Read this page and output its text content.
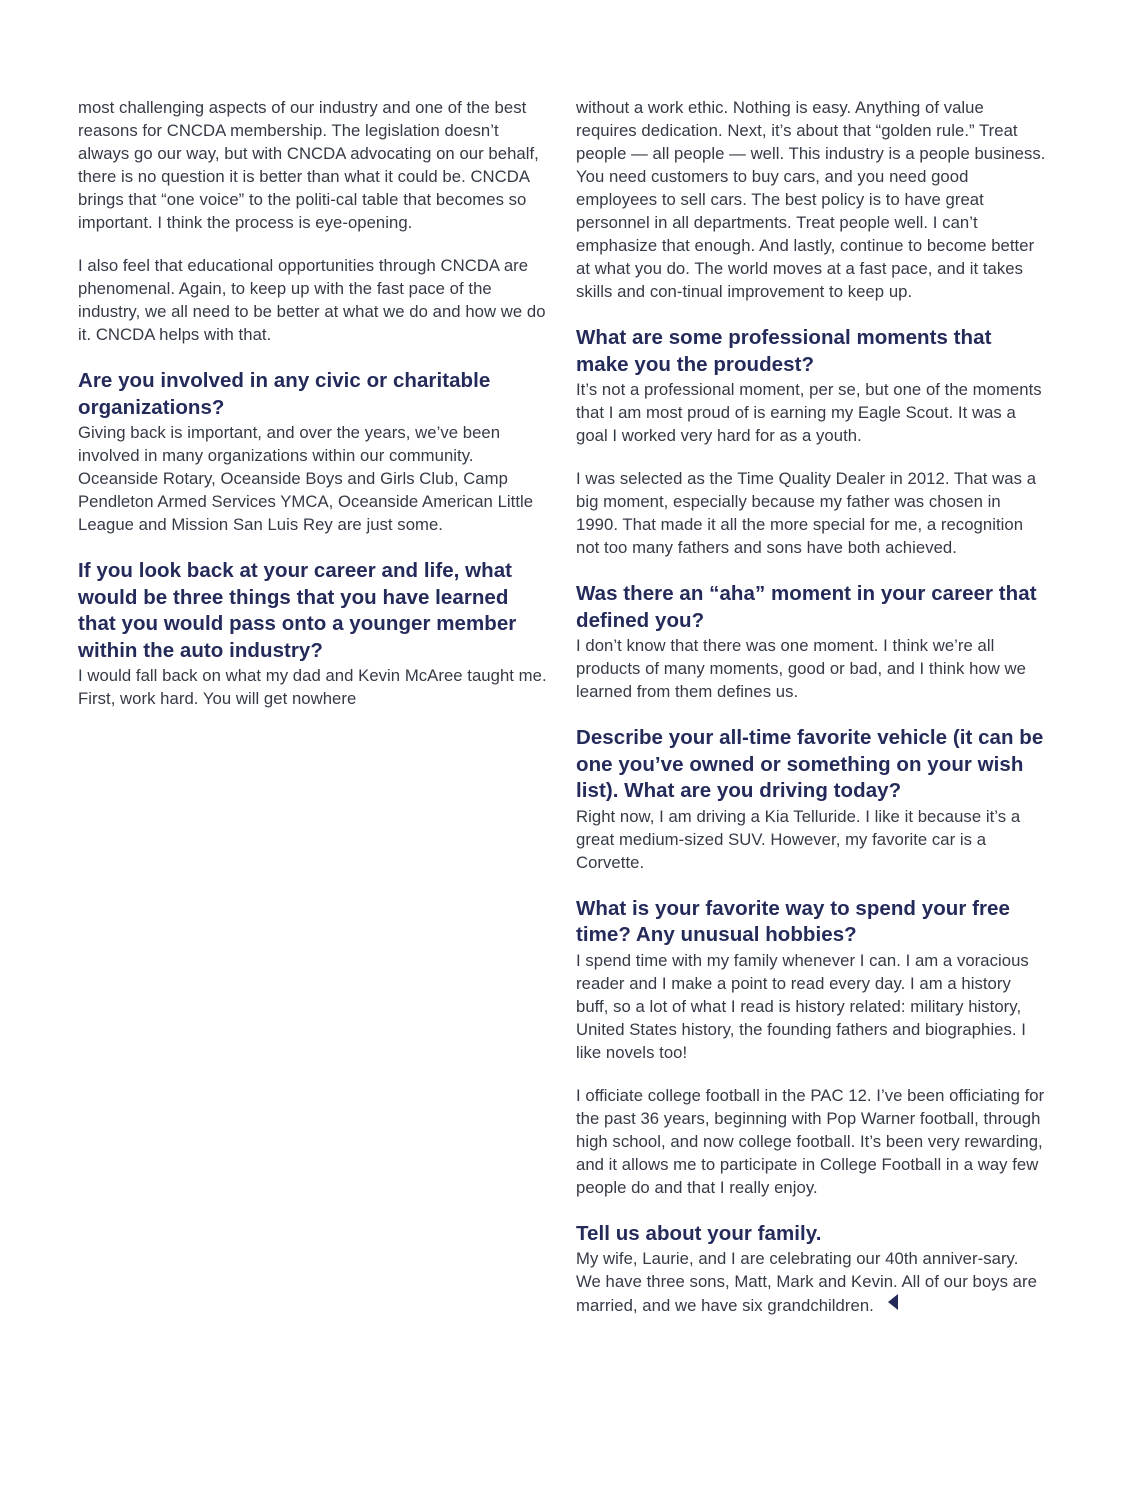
most challenging aspects of our industry and one of the best reasons for CNCDA membership. The legislation doesn’t always go our way, but with CNCDA advocating on our behalf, there is no question it is better than what it could be. CNCDA brings that “one voice” to the politi-cal table that becomes so important. I think the process is eye-opening.

I also feel that educational opportunities through CNCDA are phenomenal. Again, to keep up with the fast pace of the industry, we all need to be better at what we do and how we do it. CNCDA helps with that.

Are you involved in any civic or charitable organizations?

Giving back is important, and over the years, we’ve been involved in many organizations within our community. Oceanside Rotary, Oceanside Boys and Girls Club, Camp Pendleton Armed Services YMCA, Oceanside American Little League and Mission San Luis Rey are just some.

If you look back at your career and life, what would be three things that you have learned that you would pass onto a younger member within the auto industry?

I would fall back on what my dad and Kevin McAree taught me. First, work hard. You will get nowhere

without a work ethic. Nothing is easy. Anything of value requires dedication. Next, it’s about that “golden rule.” Treat people — all people — well. This industry is a people business. You need customers to buy cars, and you need good employees to sell cars. The best policy is to have great personnel in all departments. Treat people well. I can’t emphasize that enough. And lastly, continue to become better at what you do. The world moves at a fast pace, and it takes skills and con-tinual improvement to keep up.

What are some professional moments that make you the proudest?

It’s not a professional moment, per se, but one of the moments that I am most proud of is earning my Eagle Scout. It was a goal I worked very hard for as a youth.

I was selected as the Time Quality Dealer in 2012. That was a big moment, especially because my father was chosen in 1990. That made it all the more special for me, a recognition not too many fathers and sons have both achieved.

Was there an “aha” moment in your career that defined you?

I don’t know that there was one moment. I think we’re all products of many moments, good or bad, and I think how we learned from them defines us.

Describe your all-time favorite vehicle (it can be one you’ve owned or something on your wish list). What are you driving today?

Right now, I am driving a Kia Telluride. I like it because it’s a great medium-sized SUV. However, my favorite car is a Corvette.

What is your favorite way to spend your free time? Any unusual hobbies?

I spend time with my family whenever I can. I am a voracious reader and I make a point to read every day. I am a history buff, so a lot of what I read is history related: military history, United States history, the founding fathers and biographies. I like novels too!

I officiate college football in the PAC 12. I’ve been officiating for the past 36 years, beginning with Pop Warner football, through high school, and now college football. It’s been very rewarding, and it allows me to participate in College Football in a way few people do and that I really enjoy.

Tell us about your family.

My wife, Laurie, and I are celebrating our 40th anniver-sary. We have three sons, Matt, Mark and Kevin. All of our boys are married, and we have six grandchildren.
